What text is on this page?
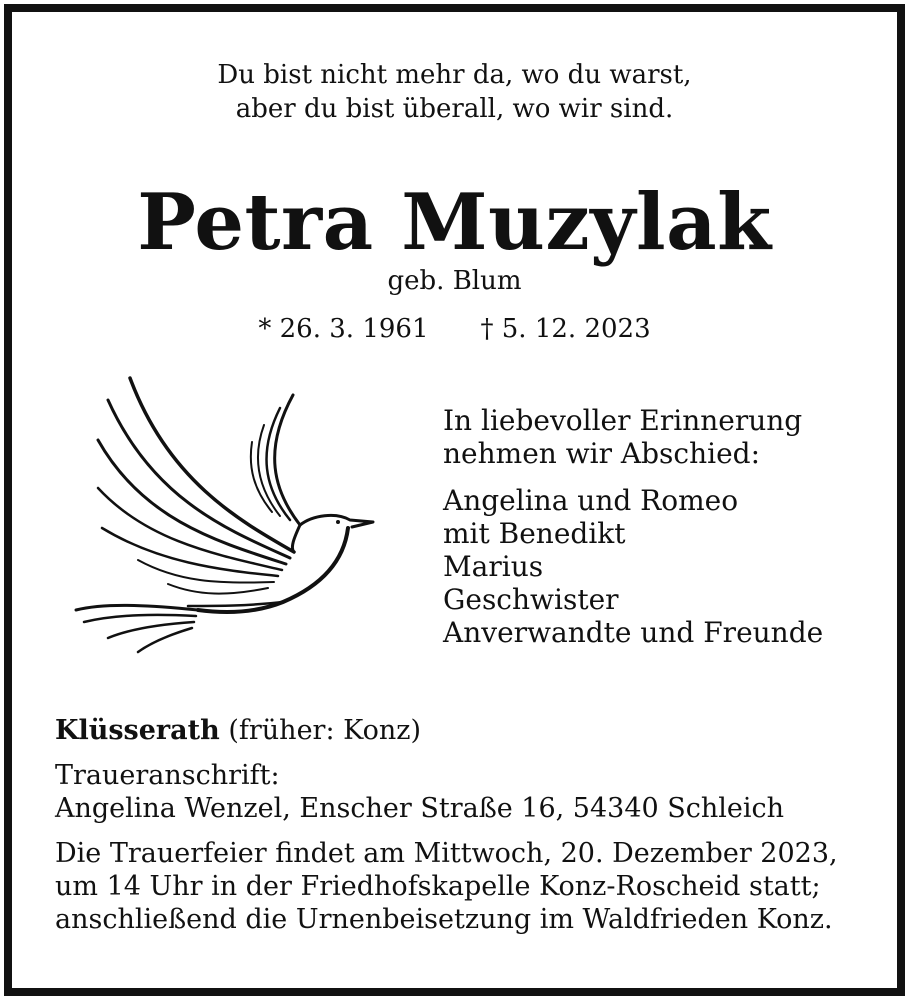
Du bist nicht mehr da, wo du warst,
aber du bist überall, wo wir sind.
Petra Muzylak
geb. Blum
* 26. 3. 1961 † 5. 12. 2023
In liebevoller Erinnerung
nehmen wir Abschied:
Angelina und Romeo
mit Benedikt
Marius
Geschwister
Anverwandte und Freunde
Klüsserath (früher: Konz)
Traueranschrift:
Angelina Wenzel, Enscher Straße 16, 54340 Schleich
Die Trauerfeier findet am Mittwoch, 20. Dezember 2023,
um 14 Uhr in der Friedhofskapelle Konz-Roscheid statt;
anschließend die Urnenbeisetzung im Waldfrieden Konz.
